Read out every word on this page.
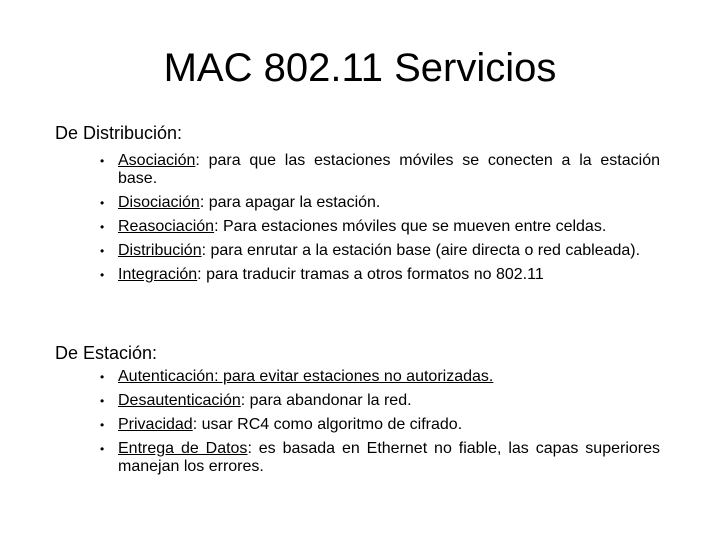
MAC 802.11 Servicios
De Distribución:
• Asociación: para que las estaciones móviles se conecten a la estación base.
• Disociación: para apagar la estación.
• Reasociación: Para estaciones móviles que se mueven entre celdas.
• Distribución: para enrutar a la estación base (aire directa o red cableada).
• Integración: para traducir tramas a otros formatos no 802.11
De Estación:
• Autenticación: para evitar estaciones no autorizadas.
• Desautenticación: para abandonar la red.
• Privacidad: usar RC4 como algoritmo de cifrado.
• Entrega de Datos: es basada en Ethernet no fiable, las capas superiores manejan los errores.
